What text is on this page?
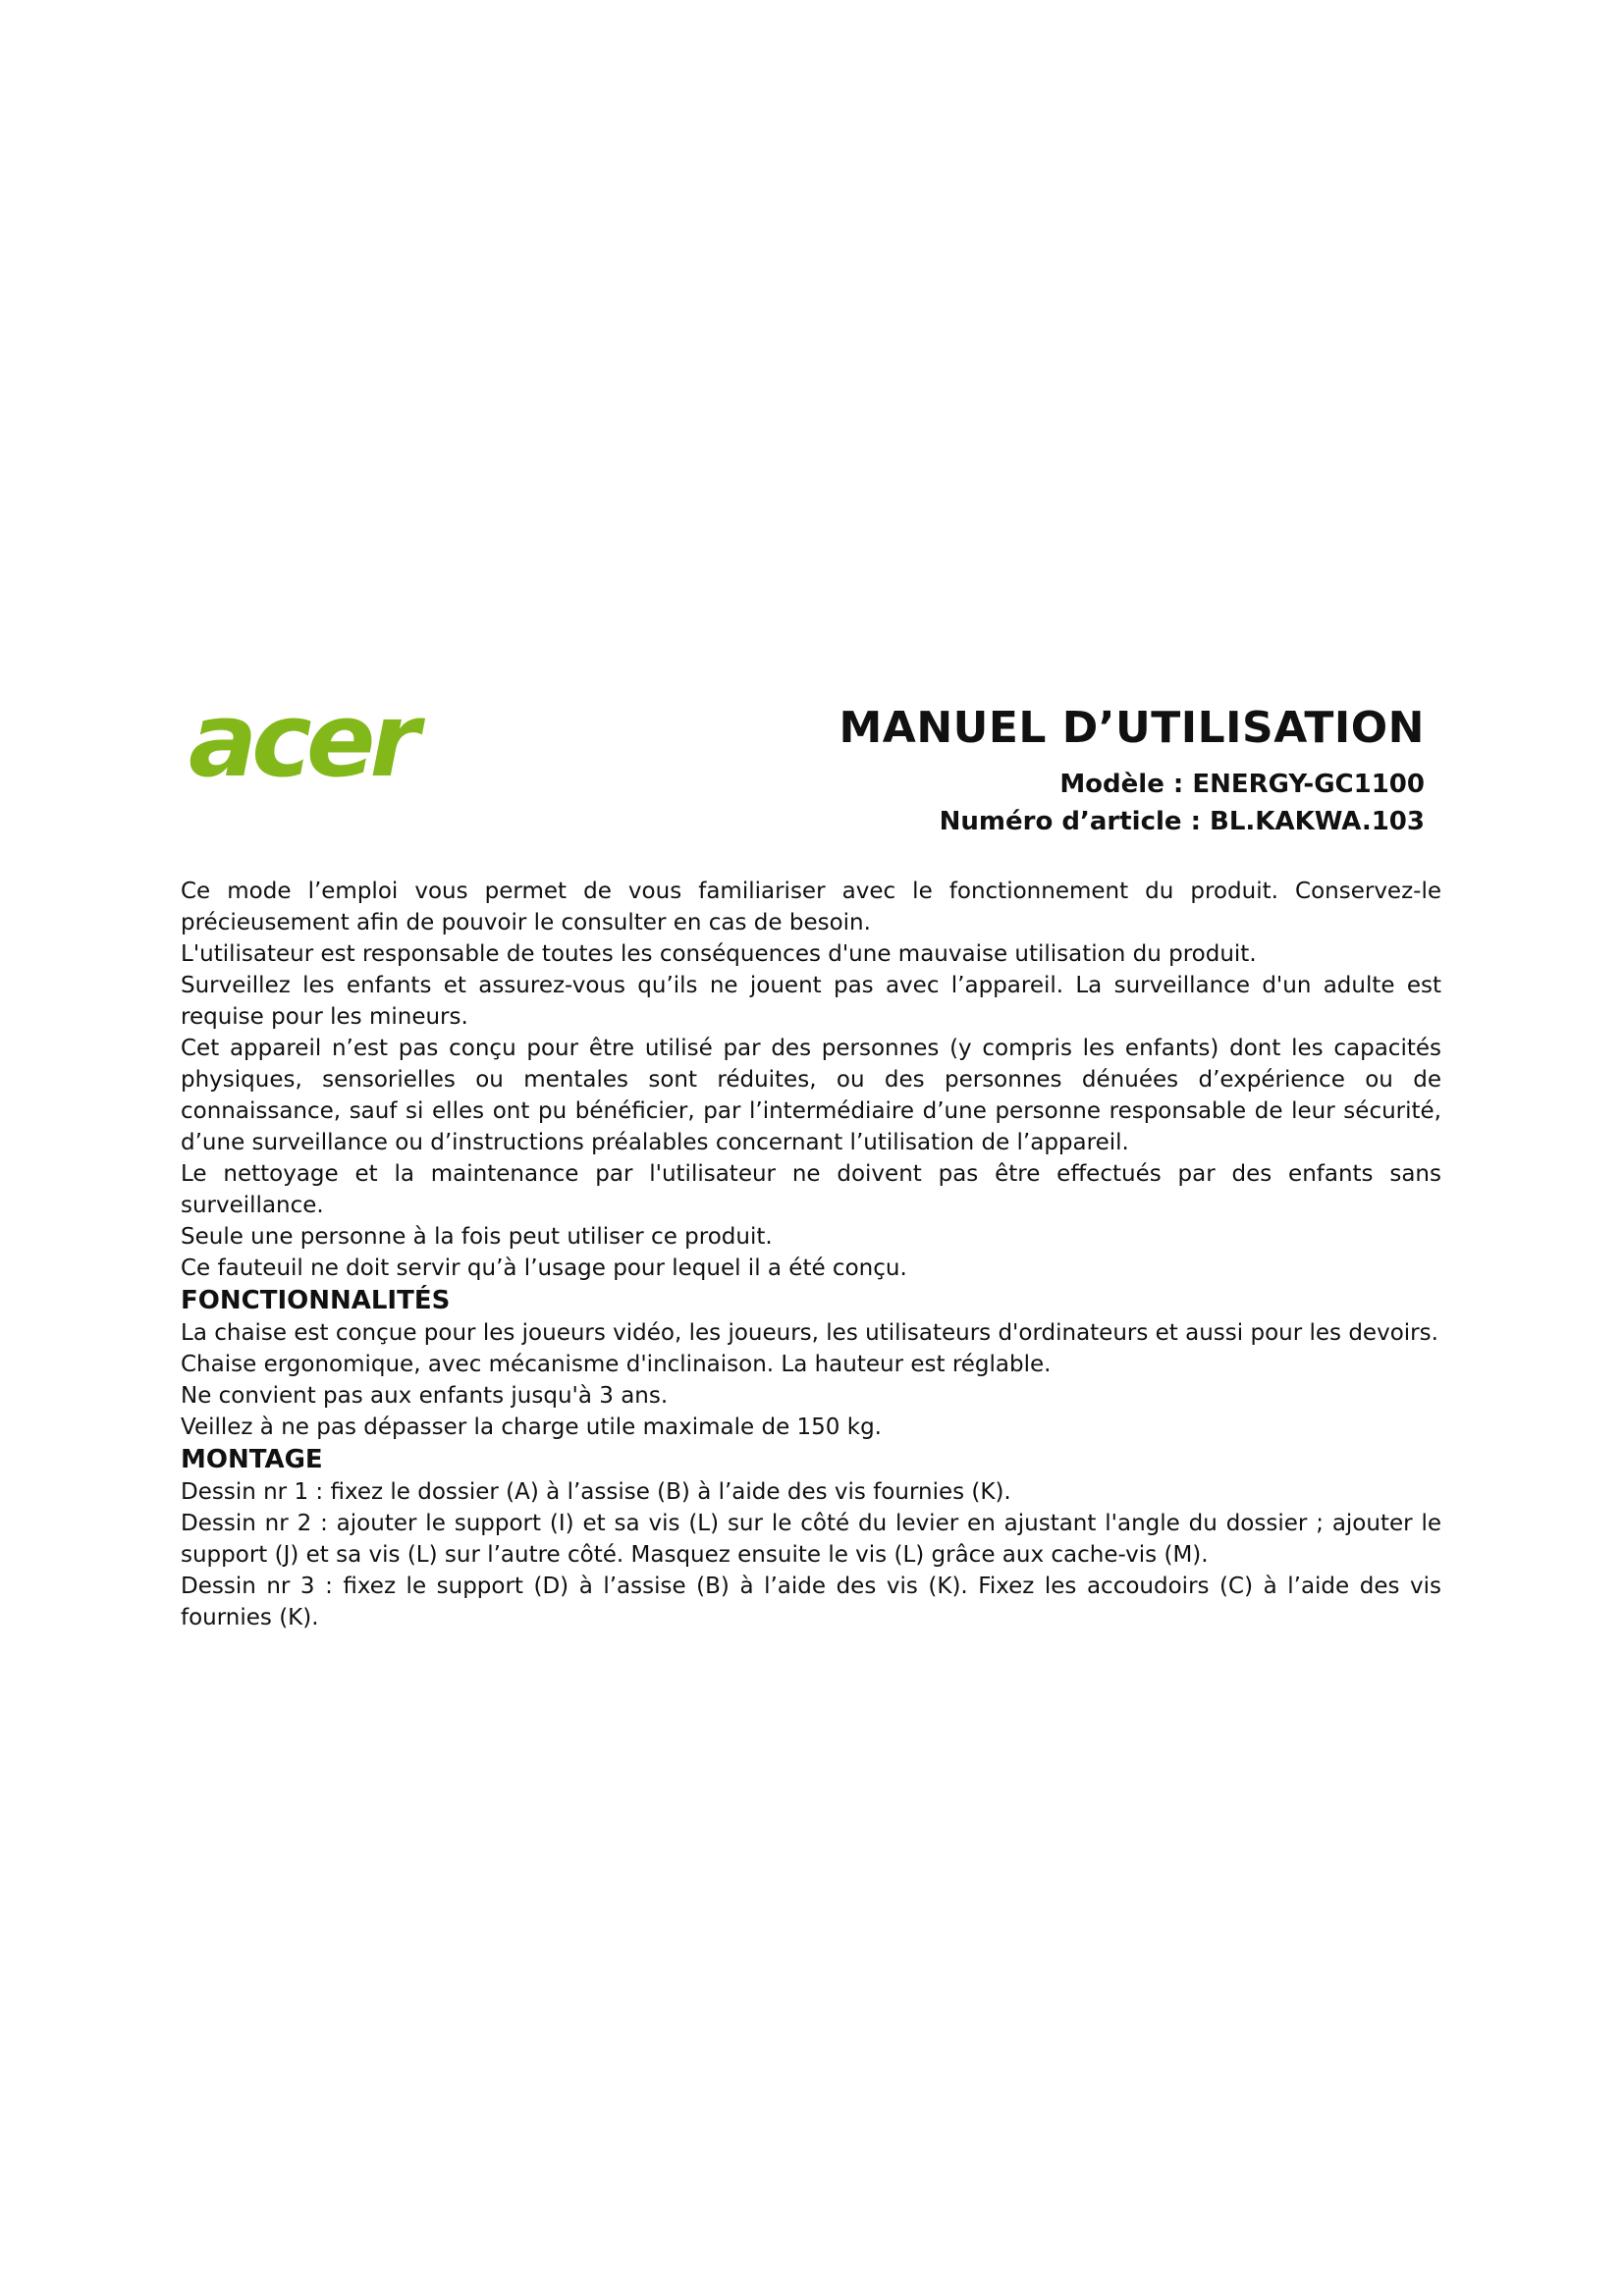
acer	MANUEL D’UTILISATION
Modèle : ENERGY-GC1100
Numéro d’article : BL.KAKWA.103

Ce mode l’emploi vous permet de vous familiariser avec le fonctionnement du produit. Conservez-le précieusement afin de pouvoir le consulter en cas de besoin.

L'utilisateur est responsable de toutes les conséquences d'une mauvaise utilisation du produit.

Surveillez les enfants et assurez-vous qu’ils ne jouent pas avec l’appareil. La surveillance d'un adulte est requise pour les mineurs.

Cet appareil n’est pas conçu pour être utilisé par des personnes (y compris les enfants) dont les capacités physiques, sensorielles ou mentales sont réduites, ou des personnes dénuées d’expérience ou de connaissance, sauf si elles ont pu bénéficier, par l’intermédiaire d’une personne responsable de leur sécurité, d’une surveillance ou d’instructions préalables concernant l’utilisation de l’appareil.

Le nettoyage et la maintenance par l'utilisateur ne doivent pas être effectués par des enfants sans surveillance.

Seule une personne à la fois peut utiliser ce produit.

Ce fauteuil ne doit servir qu’à l’usage pour lequel il a été conçu.

FONCTIONNALITÉS

La chaise est conçue pour les joueurs vidéo, les joueurs, les utilisateurs d'ordinateurs et aussi pour les devoirs.

Chaise ergonomique, avec mécanisme d'inclinaison. La hauteur est réglable.

Ne convient pas aux enfants jusqu'à 3 ans.

Veillez à ne pas dépasser la charge utile maximale de 150 kg.

MONTAGE

Dessin nr 1 : fixez le dossier (A) à l’assise (B) à l’aide des vis fournies (K).

Dessin nr 2 : ajouter le support (I) et sa vis (L) sur le côté du levier en ajustant l'angle du dossier ; ajouter le support (J) et sa vis (L) sur l’autre côté. Masquez ensuite le vis (L) grâce aux cache-vis (M).

Dessin nr 3 : fixez le support (D) à l’assise (B) à l’aide des vis (K). Fixez les accoudoirs (C) à l’aide des vis fournies (K).
